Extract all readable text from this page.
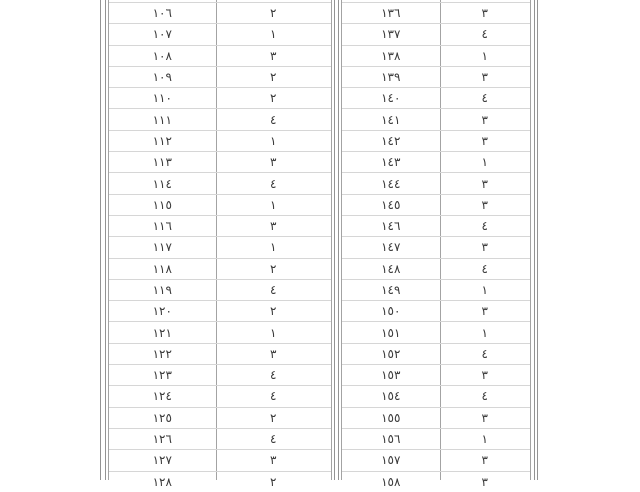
١٠٦	٢
١٠٧	١
١٠٨	٣
١٠٩	٢
١١٠	٢
١١١	٤
١١٢	١
١١٣	٣
١١٤	٤
١١٥	١
١١٦	٣
١١٧	١
١١٨	٢
١١٩	٤
١٢٠	٢
١٢١	١
١٢٢	٣
١٢٣	٤
١٢٤	٤
١٢٥	٢
١٢٦	٤
١٢٧	٣
١٢٨	٢
١٣٦	٣
١٣٧	٤
١٣٨	١
١٣٩	٣
١٤٠	٤
١٤١	٣
١٤٢	٣
١٤٣	١
١٤٤	٣
١٤٥	٣
١٤٦	٤
١٤٧	٣
١٤٨	٤
١٤٩	١
١٥٠	٣
١٥١	١
١٥٢	٤
١٥٣	٣
١٥٤	٤
١٥٥	٣
١٥٦	١
١٥٧	٣
١٥٨	٣
